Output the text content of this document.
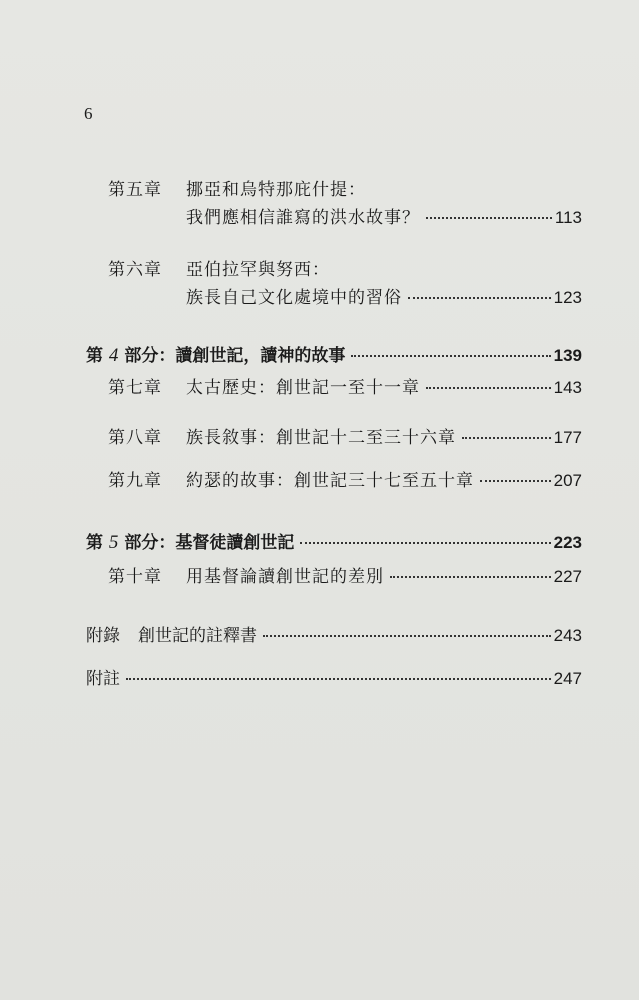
6
第五章	挪亞和烏特那庇什提：
我們應相信誰寫的洪水故事？	113
第六章	亞伯拉罕與努西：
族長自己文化處境中的習俗	123
第 4 部分：讀創世記，讀神的故事	139
第七章	太古歷史：創世記一至十一章	143
第八章	族長敘事：創世記十二至三十六章	177
第九章	約瑟的故事：創世記三十七至五十章	207
第 5 部分：基督徒讀創世記	223
第十章	用基督論讀創世記的差別	227
附錄 創世記的註釋書	243
附註	247
